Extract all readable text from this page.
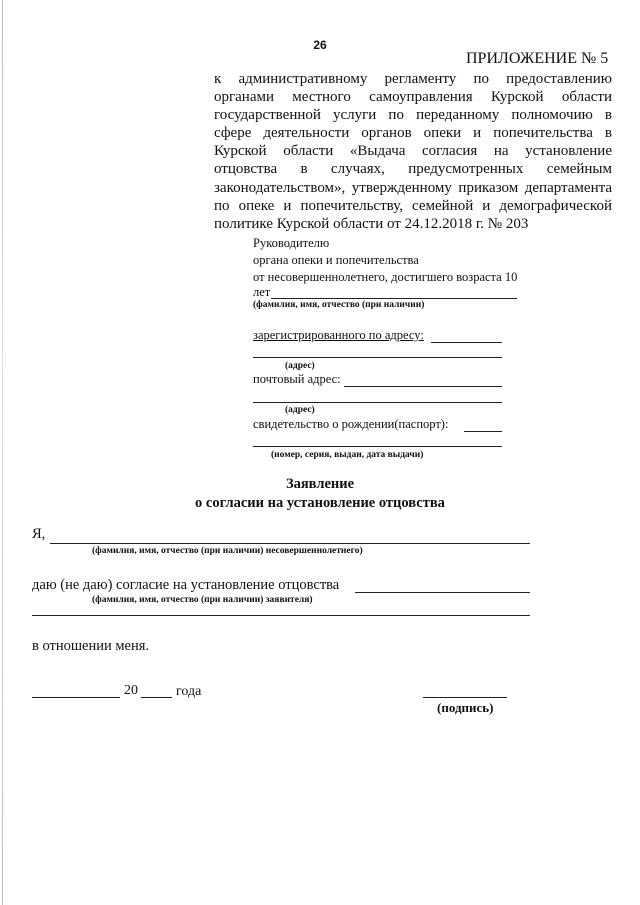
26
ПРИЛОЖЕНИЕ № 5
к административному регламенту по предоставлению
органами местного самоуправления Курской области
государственной услуги по переданному полномочию в
сфере деятельности органов опеки и попечительства в
Курской области «Выдача согласия на установление
отцовства в случаях, предусмотренных семейным
законодательством», утвержденному приказом департамента
по опеке и попечительству, семейной и демографической
политике Курской области от 24.12.2018 г. № 203
Руководителю
органа опеки и попечительства
от несовершеннолетнего, достигшего возраста 10
лет
(фамилия, имя, отчество (при наличии)
зарегистрированного по адресу:
(адрес)
почтовый адрес:
(адрес)
свидетельство о рождении(паспорт):
(номер, серия, выдан, дата выдачи)
Заявление
о согласии на установление отцовства
Я,
(фамилия, имя, отчество (при наличии) несовершеннолетнего)
даю (не даю) согласие на установление отцовства
(фамилия, имя, отчество (при наличии) заявителя)
в отношении меня.
20	года
(подпись)
